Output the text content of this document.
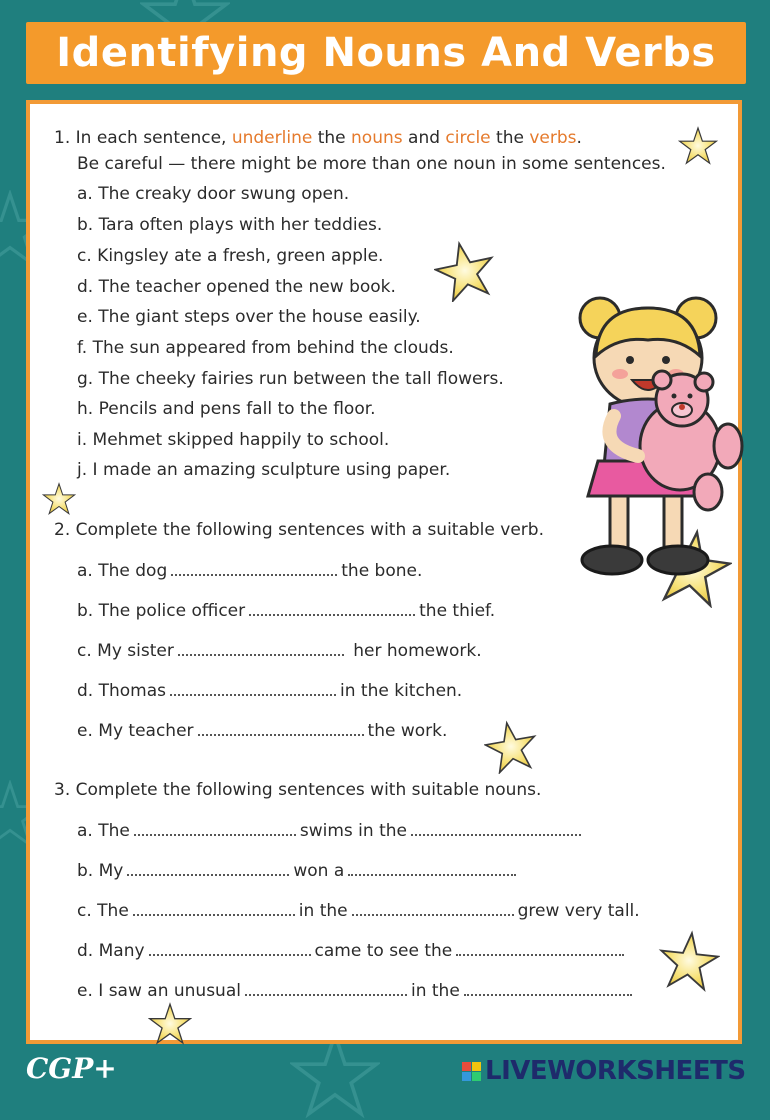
Identifying Nouns And Verbs
1. In each sentence, underline the nouns and circle the verbs.
Be careful — there might be more than one noun in some sentences.
a. The creaky door swung open.
b. Tara often plays with her teddies.
c. Kingsley ate a fresh, green apple.
d. The teacher opened the new book.
e. The giant steps over the house easily.
f. The sun appeared from behind the clouds.
g. The cheeky fairies run between the tall flowers.
h. Pencils and pens fall to the floor.
i. Mehmet skipped happily to school.
j. I made an amazing sculpture using paper.
2. Complete the following sentences with a suitable verb.
a. The dog	the bone.
b. The police officer	the thief.
c. My sister	her homework.
d. Thomas	in the kitchen.
e. My teacher	the work.
3. Complete the following sentences with suitable nouns.
a. The	swims in the
b. My	won a
c. The	in the	grew very tall.
d. Many	came to see the
e. I saw an unusual	in the
CGP+	LIVEWORKSHEETS
